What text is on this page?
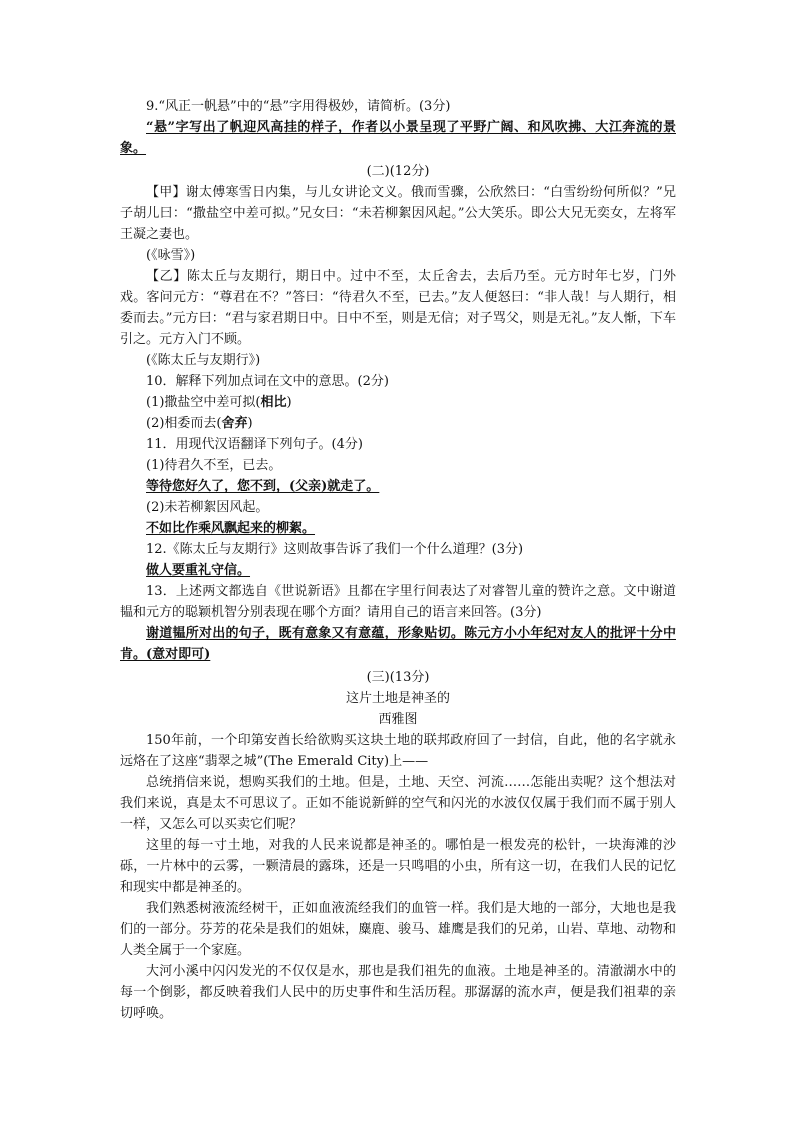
9.“风正一帆悬”中的“悬”字用得极妙，请简析。(3分)

“悬”字写出了帆迎风高挂的样子，作者以小景呈现了平野广阔、和风吹拂、大江奔流的景象。

(二)(12分)

【甲】谢太傅寒雪日内集，与儿女讲论文义。俄而雪骤，公欣然曰：“白雪纷纷何所似？”兄子胡儿曰：“撒盐空中差可拟。”兄女曰：“未若柳絮因风起。”公大笑乐。即公大兄无奕女，左将军王凝之妻也。

(《咏雪》)

【乙】陈太丘与友期行，期日中。过中不至，太丘舍去，去后乃至。元方时年七岁，门外戏。客问元方：“尊君在不？”答曰：“待君久不至，已去。”友人便怒曰：“非人哉！与人期行，相委而去。”元方曰：“君与家君期日中。日中不至，则是无信；对子骂父，则是无礼。”友人惭，下车引之。元方入门不顾。

(《陈太丘与友期行》)

10．解释下列加点词在文中的意思。(2分)

(1)撒盐空中差可拟(相比)

(2)相委而去(舍弃)

11．用现代汉语翻译下列句子。(4分)

(1)待君久不至，已去。

等待您好久了，您不到，(父亲)就走了。

(2)未若柳絮因风起。

不如比作乘风飘起来的柳絮。

12.《陈太丘与友期行》这则故事告诉了我们一个什么道理？(3分)

做人要重礼守信。

13．上述两文都选自《世说新语》且都在字里行间表达了对睿智儿童的赞许之意。文中谢道韫和元方的聪颖机智分别表现在哪个方面？请用自己的语言来回答。(3分)

谢道韫所对出的句子，既有意象又有意蕴，形象贴切。陈元方小小年纪对友人的批评十分中肯。(意对即可)

(三)(13分)

这片土地是神圣的

西雅图

150年前，一个印第安酋长给欲购买这块土地的联邦政府回了一封信，自此，他的名字就永远烙在了这座“翡翠之城”(The Emerald City)上——

总统捎信来说，想购买我们的土地。但是，土地、天空、河流……怎能出卖呢？这个想法对我们来说，真是太不可思议了。正如不能说新鲜的空气和闪光的水波仅仅属于我们而不属于别人一样，又怎么可以买卖它们呢？

这里的每一寸土地，对我的人民来说都是神圣的。哪怕是一根发亮的松针，一块海滩的沙砾，一片林中的云雾，一颗清晨的露珠，还是一只鸣唱的小虫，所有这一切，在我们人民的记忆和现实中都是神圣的。

我们熟悉树液流经树干，正如血液流经我们的血管一样。我们是大地的一部分，大地也是我们的一部分。芬芳的花朵是我们的姐妹，麋鹿、骏马、雄鹰是我们的兄弟，山岩、草地、动物和人类全属于一个家庭。

大河小溪中闪闪发光的不仅仅是水，那也是我们祖先的血液。土地是神圣的。清澈湖水中的每一个倒影，都反映着我们人民中的历史事件和生活历程。那潺潺的流水声，便是我们祖辈的亲切呼唤。
